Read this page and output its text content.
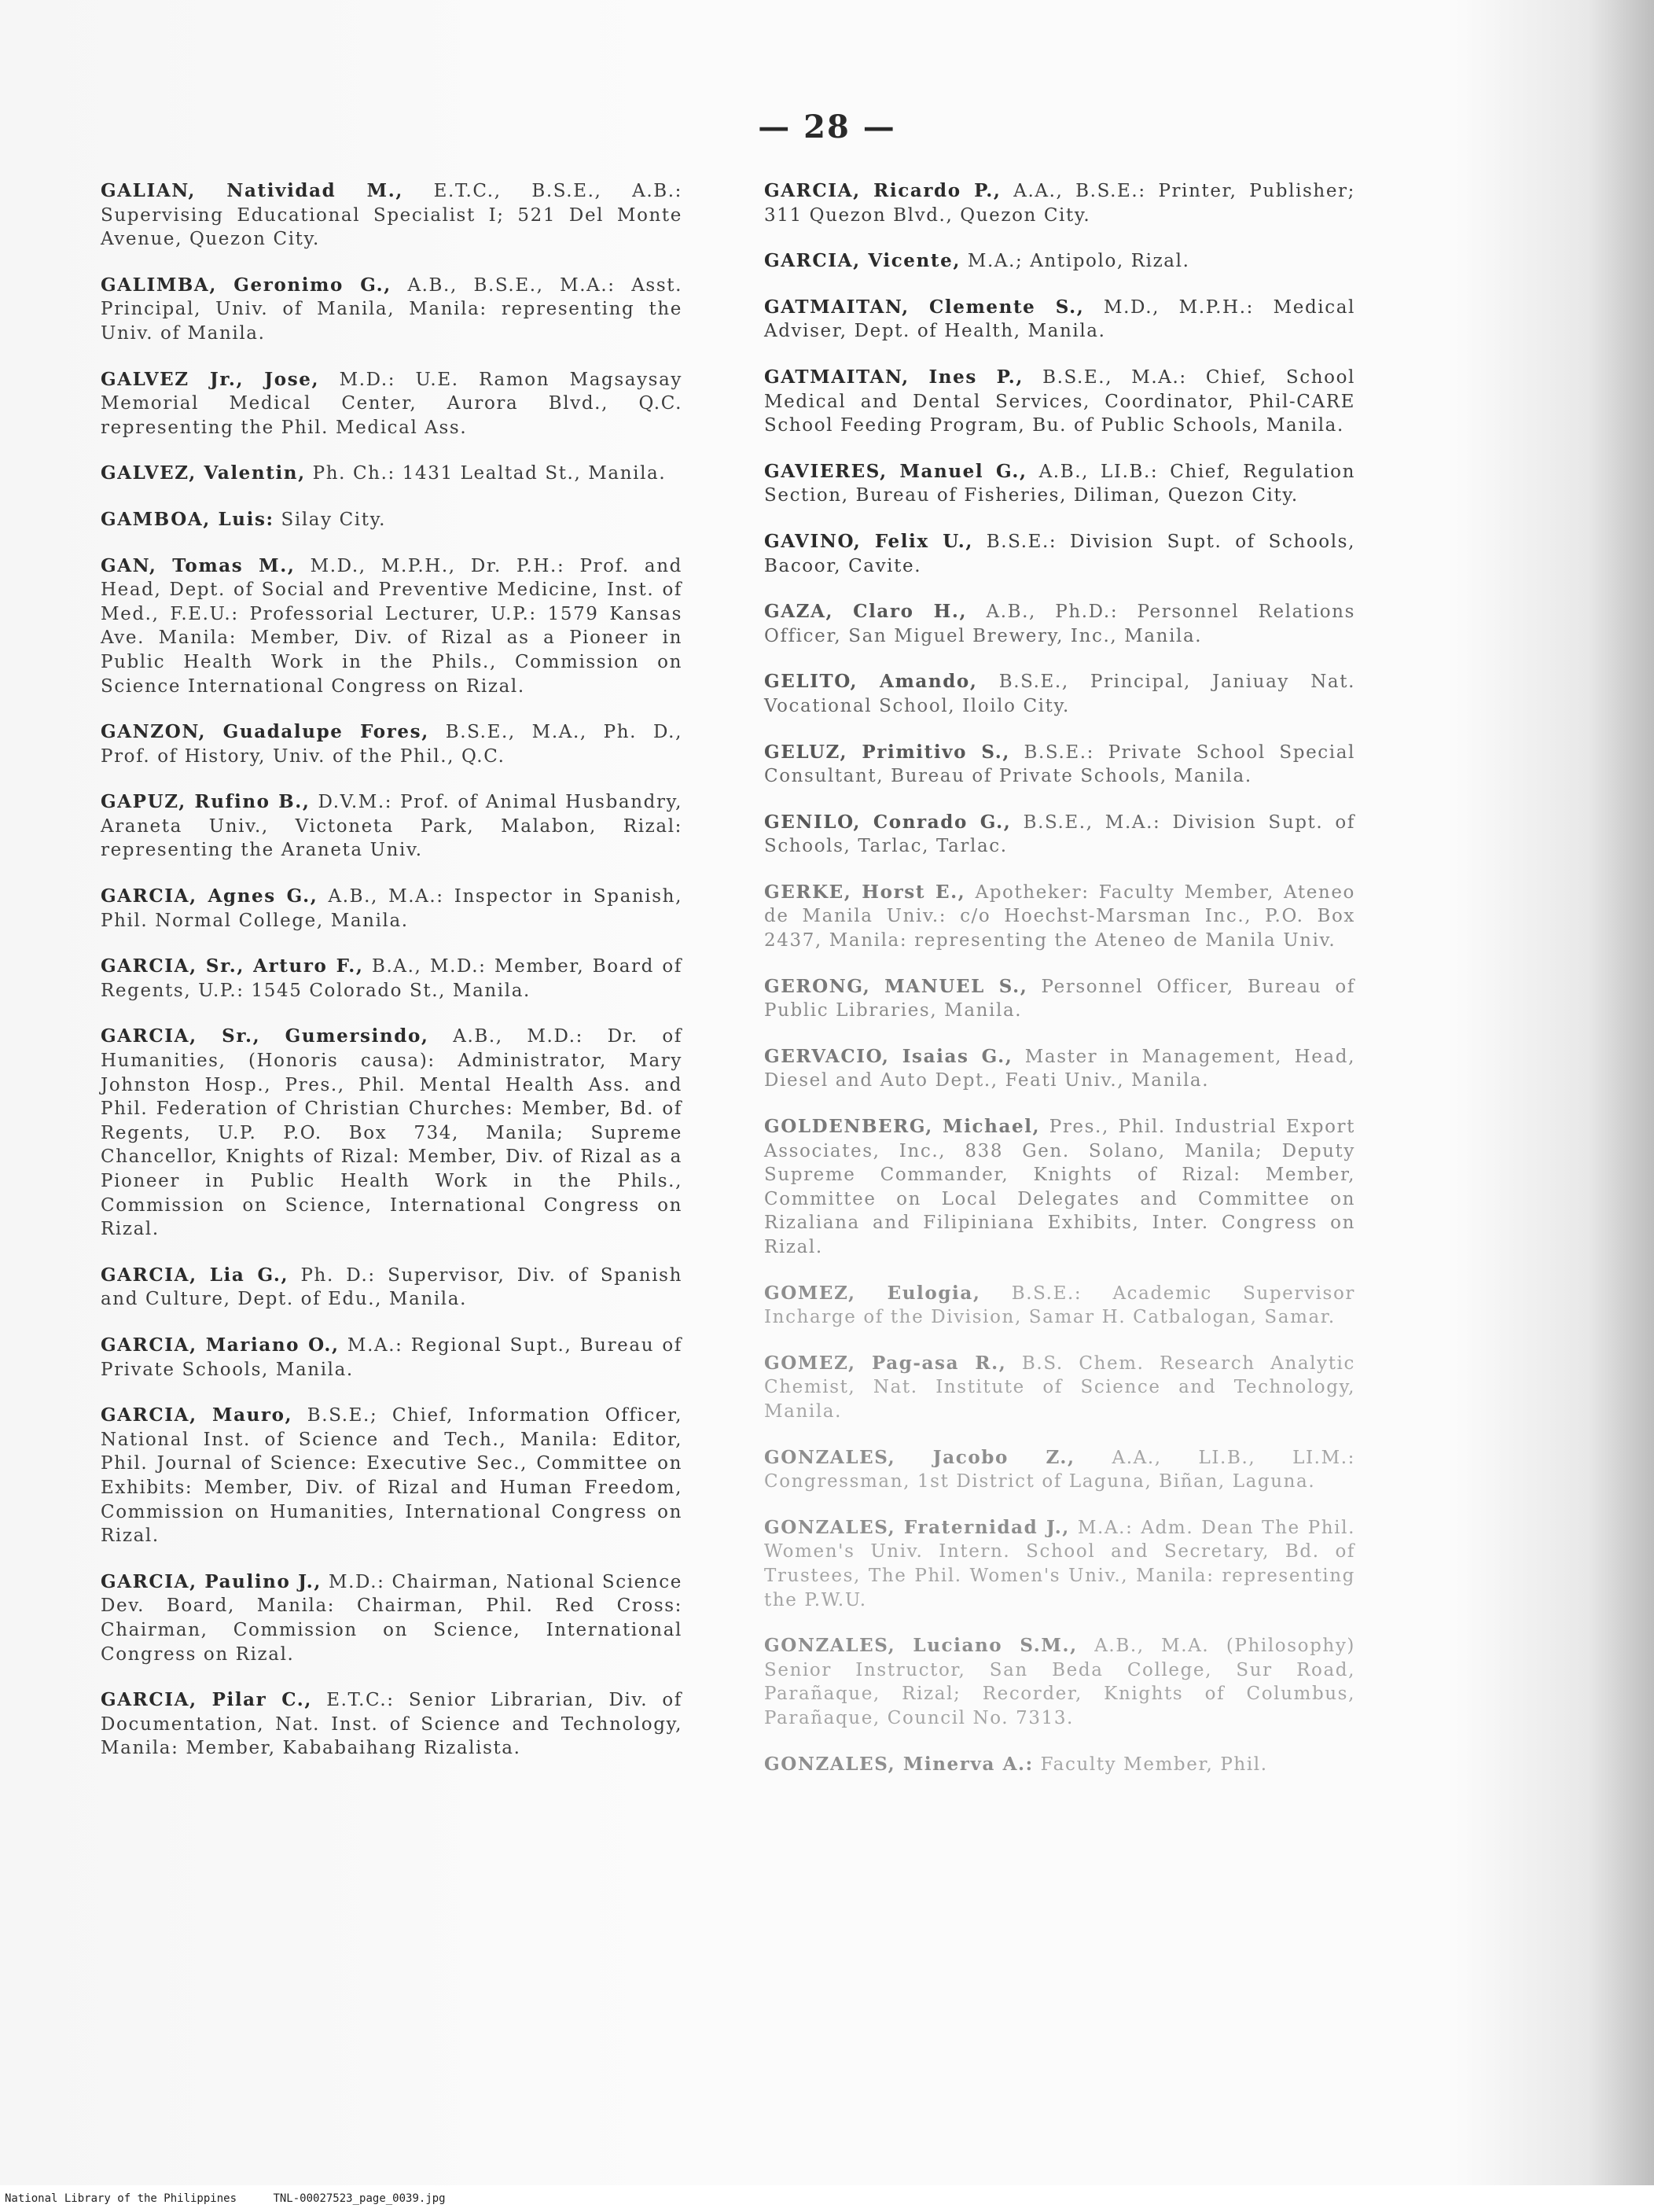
— 28 —

GALIAN, Natividad M., E.T.C., B.S.E., A.B.: Supervising Educational Specialist I; 521 Del Monte Avenue, Quezon City.

GALIMBA, Geronimo G., A.B., B.S.E., M.A.: Asst. Principal, Univ. of Manila, Manila: representing the Univ. of Manila.

GALVEZ Jr., Jose, M.D.: U.E. Ramon Magsaysay Memorial Medical Center, Aurora Blvd., Q.C. representing the Phil. Medical Ass.

GALVEZ, Valentin, Ph. Ch.: 1431 Lealtad St., Manila.

GAMBOA, Luis: Silay City.

GAN, Tomas M., M.D., M.P.H., Dr. P.H.: Prof. and Head, Dept. of Social and Preventive Medicine, Inst. of Med., F.E.U.: Professorial Lecturer, U.P.: 1579 Kansas Ave. Manila: Member, Div. of Rizal as a Pioneer in Public Health Work in the Phils., Commission on Science International Congress on Rizal.

GANZON, Guadalupe Fores, B.S.E., M.A., Ph. D., Prof. of History, Univ. of the Phil., Q.C.

GAPUZ, Rufino B., D.V.M.: Prof. of Animal Husbandry, Araneta Univ., Victoneta Park, Malabon, Rizal: representing the Araneta Univ.

GARCIA, Agnes G., A.B., M.A.: Inspector in Spanish, Phil. Normal College, Manila.

GARCIA, Sr., Arturo F., B.A., M.D.: Member, Board of Regents, U.P.: 1545 Colorado St., Manila.

GARCIA, Sr., Gumersindo, A.B., M.D.: Dr. of Humanities, (Honoris causa): Administrator, Mary Johnston Hosp., Pres., Phil. Mental Health Ass. and Phil. Federation of Christian Churches: Member, Bd. of Regents, U.P. P.O. Box 734, Manila; Supreme Chancellor, Knights of Rizal: Member, Div. of Rizal as a Pioneer in Public Health Work in the Phils., Commission on Science, International Congress on Rizal.

GARCIA, Lia G., Ph. D.: Supervisor, Div. of Spanish and Culture, Dept. of Edu., Manila.

GARCIA, Mariano O., M.A.: Regional Supt., Bureau of Private Schools, Manila.

GARCIA, Mauro, B.S.E.; Chief, Information Officer, National Inst. of Science and Tech., Manila: Editor, Phil. Journal of Science: Executive Sec., Committee on Exhibits: Member, Div. of Rizal and Human Freedom, Commission on Humanities, International Congress on Rizal.

GARCIA, Paulino J., M.D.: Chairman, National Science Dev. Board, Manila: Chairman, Phil. Red Cross: Chairman, Commission on Science, International Congress on Rizal.

GARCIA, Pilar C., E.T.C.: Senior Librarian, Div. of Documentation, Nat. Inst. of Science and Technology, Manila: Member, Kababaihang Rizalista.

GARCIA, Ricardo P., A.A., B.S.E.: Printer, Publisher; 311 Quezon Blvd., Quezon City.

GARCIA, Vicente, M.A.; Antipolo, Rizal.

GATMAITAN, Clemente S., M.D., M.P.H.: Medical Adviser, Dept. of Health, Manila.

GATMAITAN, Ines P., B.S.E., M.A.: Chief, School Medical and Dental Services, Coordinator, Phil-CARE School Feeding Program, Bu. of Public Schools, Manila.

GAVIERES, Manuel G., A.B., LI.B.: Chief, Regulation Section, Bureau of Fisheries, Diliman, Quezon City.

GAVINO, Felix U., B.S.E.: Division Supt. of Schools, Bacoor, Cavite.

GAZA, Claro H., A.B., Ph.D.: Personnel Relations Officer, San Miguel Brewery, Inc., Manila.

GELITO, Amando, B.S.E., Principal, Janiuay Nat. Vocational School, Iloilo City.

GELUZ, Primitivo S., B.S.E.: Private School Special Consultant, Bureau of Private Schools, Manila.

GENILO, Conrado G., B.S.E., M.A.: Division Supt. of Schools, Tarlac, Tarlac.

GERKE, Horst E., Apotheker: Faculty Member, Ateneo de Manila Univ.: c/o Hoechst-Marsman Inc., P.O. Box 2437, Manila: representing the Ateneo de Manila Univ.

GERONG, MANUEL S., Personnel Officer, Bureau of Public Libraries, Manila.

GERVACIO, Isaias G., Master in Management, Head, Diesel and Auto Dept., Feati Univ., Manila.

GOLDENBERG, Michael, Pres., Phil. Industrial Export Associates, Inc., 838 Gen. Solano, Manila; Deputy Supreme Commander, Knights of Rizal: Member, Committee on Local Delegates and Committee on Rizaliana and Filipiniana Exhibits, Inter. Congress on Rizal.

GOMEZ, Eulogia, B.S.E.: Academic Supervisor Incharge of the Division, Samar H. Catbalogan, Samar.

GOMEZ, Pag-asa R., B.S. Chem. Research Analytic Chemist, Nat. Institute of Science and Technology, Manila.

GONZALES, Jacobo Z., A.A., LI.B., LI.M.: Congressman, 1st District of Laguna, Biñan, Laguna.

GONZALES, Fraternidad J., M.A.: Adm. Dean The Phil. Women's Univ. Intern. School and Secretary, Bd. of Trustees, The Phil. Women's Univ., Manila: representing the P.W.U.

GONZALES, Luciano S.M., A.B., M.A. (Philosophy) Senior Instructor, San Beda College, Sur Road, Parañaque, Rizal; Recorder, Knights of Columbus, Parañaque, Council No. 7313.

GONZALES, Minerva A.: Faculty Member, Phil.

National Library of the Philippines	TNL-00027523_page_0039.jpg
